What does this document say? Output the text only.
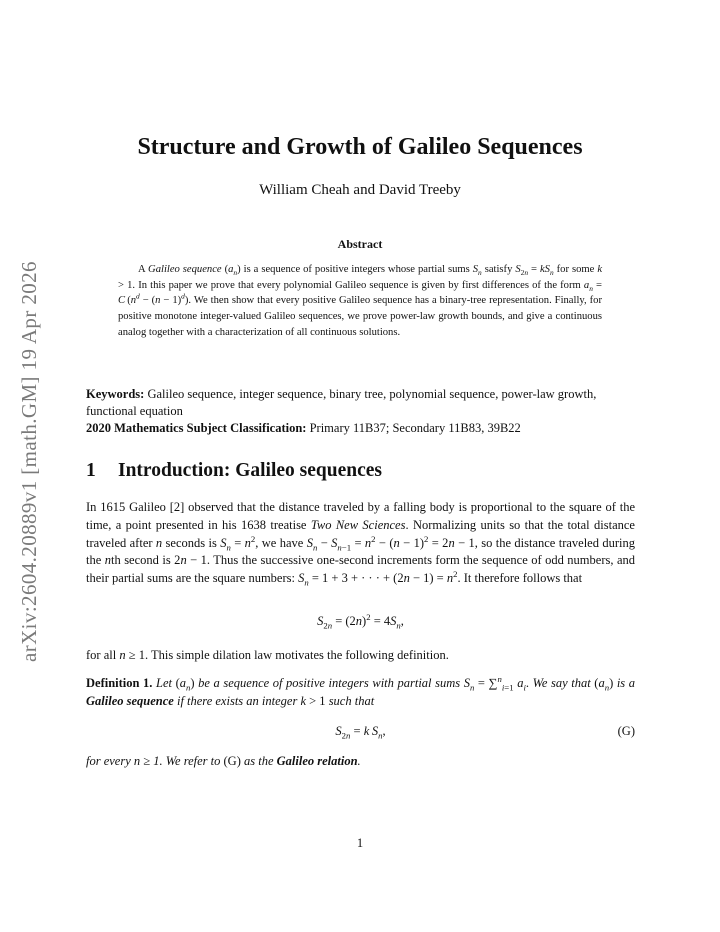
arXiv:2604.20889v1 [math.GM] 19 Apr 2026
Structure and Growth of Galileo Sequences
William Cheah and David Treeby
Abstract
A Galileo sequence $(a_n)$ is a sequence of positive integers whose partial sums $S_n$ satisfy $S_{2n} = kS_n$ for some k > 1. In this paper we prove that every polynomial Galileo sequence is given by first differences of the form $a_n = C$ $(n^d - (n - 1)^d)$. We then show that every positive Galileo sequence has a binary-tree representation. Finally, for positive monotone integer-valued Galileo sequences, we prove power-law growth bounds, and give a continuous analog together with a characterization of all continuous solutions.
Keywords: Galileo sequence, integer sequence, binary tree, polynomial sequence, power-law growth, functional equation
2020 Mathematics Subject Classification: Primary 11B37; Secondary 11B83, 39B22
1 Introduction: Galileo sequences
In 1615 Galileo [2] observed that the distance traveled by a falling body is proportional to the square of the time, a point presented in his 1638 treatise Two New Sciences. Normalizing units so that the total distance traveled after n seconds is $S_n = n^2$, we have $S_n - S_{n-1} = n^2 - (n - 1)^2 = 2n - 1$, so the distance traveled during the nth second is 2n − 1. Thus the successive one-second increments form the sequence of odd numbers, and their partial sums are the square numbers: $S_n = 1 + 3$ + · · · + $(2n - 1) = n^2$. It therefore follows that
$S_{2n} = (2n)^2 = 4S_n$,
for all n ≥ 1. This simple dilation law motivates the following definition.
Definition 1. Let $(a_n)$ be a sequence of positive integers with partial sums $S_n = \sum^n_{i=1}$ $a_i$. We say that $(a_n)$ is a Galileo sequence if there exists an integer k > 1 such that
$S_{2n} = k$  $S_n$,	(G)
for every n ≥ 1. We refer to (G) as the Galileo relation.
1
